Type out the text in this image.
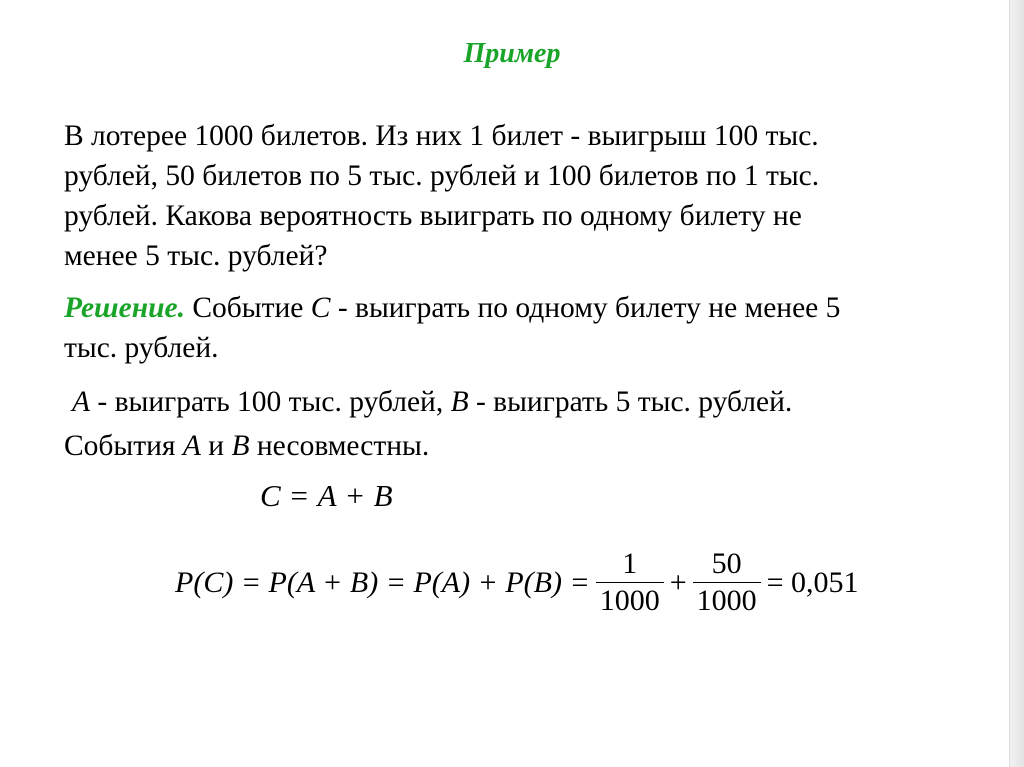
Пример
В лотерее 1000 билетов. Из них 1 билет - выигрыш 100 тыс.
рублей, 50 билетов по 5 тыс. рублей и 100 билетов по 1 тыс.
рублей. Какова вероятность выиграть по одному билету не
менее 5 тыс. рублей?
Решение. Событие C - выиграть по одному билету не менее 5
тыс. рублей.
A - выиграть 100 тыс. рублей, B - выиграть 5 тыс. рублей.
События A и B несовместны.
C = A + B
$P(C) = P(A + B) = P(A) + P(B) = \frac{1}{1000} + \frac{50}{1000} = 0,051$
